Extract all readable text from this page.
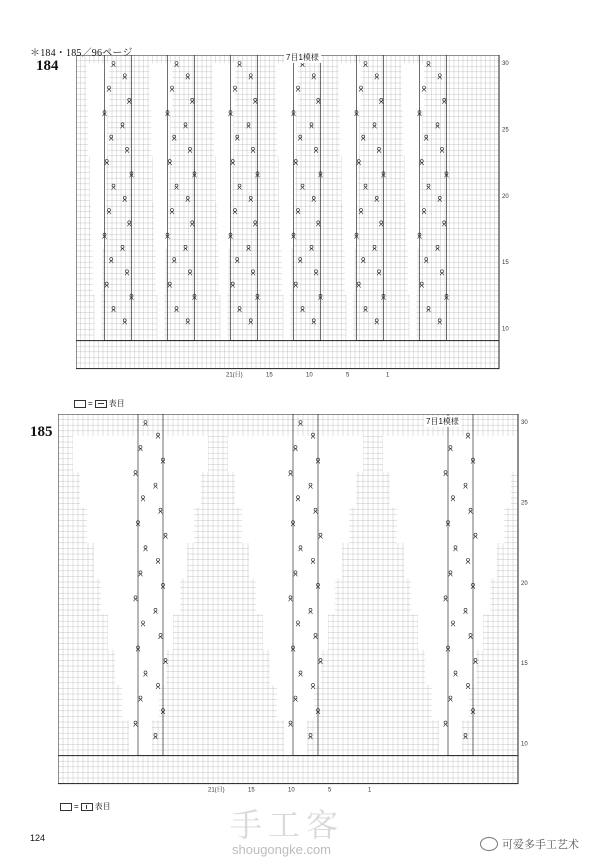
＊184・185／96ページ
184	30
25
20
15
10
21(目)	15	10	5	1
7目1模様
= 表目
185
30
25
20
15
10
21(目)	15	10	5	1
7目1模様
= 表目
124	手工客
shougongke.com	可爱多手工艺术
